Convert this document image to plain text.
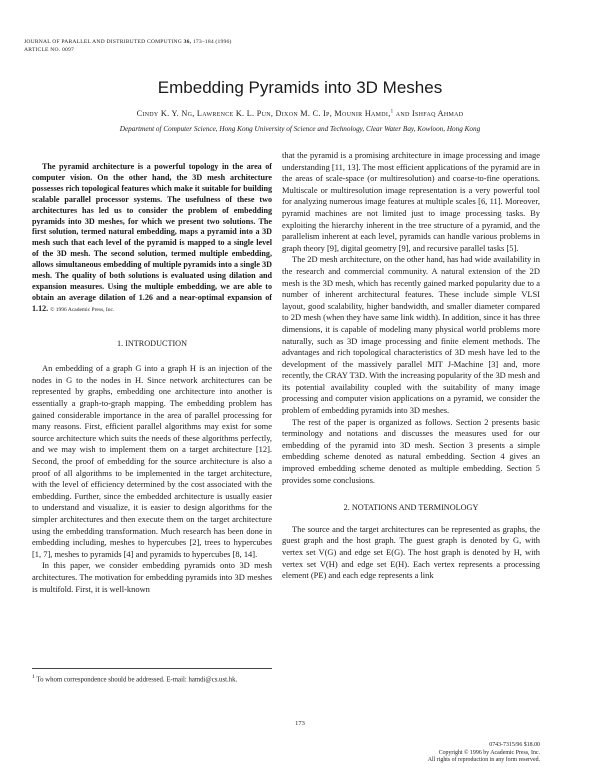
JOURNAL OF PARALLEL AND DISTRIBUTED COMPUTING 36, 173–184 (1996)
ARTICLE NO. 0097
Embedding Pyramids into 3D Meshes
Cindy K. Y. Ng, Lawrence K. L. Pun, Dixon M. C. Ip, Mounir Hamdi,$^1$ and Ishfaq Ahmad
Department of Computer Science, Hong Kong University of Science and Technology, Clear Water Bay, Kowloon, Hong Kong
The pyramid architecture is a powerful topology in the area of computer vision. On the other hand, the 3D mesh architecture possesses rich topological features which make it suitable for building scalable parallel processor systems. The usefulness of these two architectures has led us to consider the problem of embedding pyramids into 3D meshes, for which we present two solutions. The first solution, termed natural embedding, maps a pyramid into a 3D mesh such that each level of the pyramid is mapped to a single level of the 3D mesh. The second solution, termed multiple embedding, allows simultaneous embedding of multiple pyramids into a single 3D mesh. The quality of both solutions is evaluated using dilation and expansion measures. Using the multiple embedding, we are able to obtain an average dilation of 1.26 and a near-optimal expansion of 1.12. © 1996 Academic Press, Inc.
1. INTRODUCTION

An embedding of a graph G into a graph H is an injection of the nodes in G to the nodes in H. Since network architectures can be represented by graphs, embedding one architecture into another is essentially a graph-to-graph mapping. The embedding problem has gained considerable importance in the area of parallel processing for many reasons. First, efficient parallel algorithms may exist for some source architecture which suits the needs of these algorithms perfectly, and we may wish to implement them on a target architecture [12]. Second, the proof of embedding for the source architecture is also a proof of all algorithms to be implemented in the target architecture, with the level of efficiency determined by the cost associated with the embedding. Further, since the embedded architecture is usually easier to understand and visualize, it is easier to design algorithms for the simpler architectures and then execute them on the target architecture using the embedding transformation. Much research has been done in embedding including, meshes to hypercubes [2], trees to hypercubes [1, 7], meshes to pyramids [4] and pyramids to hypercubes [8, 14].

In this paper, we consider embedding pyramids onto 3D mesh architectures. The motivation for embedding pyramids into 3D meshes is multifold. First, it is well-known

that the pyramid is a promising architecture in image processing and image understanding [11, 13]. The most efficient applications of the pyramid are in the areas of scale-space (or multiresolution) and coarse-to-fine operations. Multiscale or multiresolution image representation is a very powerful tool for analyzing numerous image features at multiple scales [6, 11]. Moreover, pyramid machines are not limited just to image processing tasks. By exploiting the hierarchy inherent in the tree structure of a pyramid, and the parallelism inherent at each level, pyramids can handle various problems in graph theory [9], digital geometry [9], and recursive parallel tasks [5].

The 2D mesh architecture, on the other hand, has had wide availability in the research and commercial community. A natural extension of the 2D mesh is the 3D mesh, which has recently gained marked popularity due to a number of inherent architectural features. These include simple VLSI layout, good scalability, higher bandwidth, and smaller diameter compared to 2D mesh (when they have same link width). In addition, since it has three dimensions, it is capable of modeling many physical world problems more naturally, such as 3D image processing and finite element methods. The advantages and rich topological characteristics of 3D mesh have led to the development of the massively parallel MIT J-Machine [3] and, more recently, the CRAY T3D. With the increasing popularity of the 3D mesh and its potential availability coupled with the suitability of many image processing and computer vision applications on a pyramid, we consider the problem of embedding pyramids into 3D meshes.

The rest of the paper is organized as follows. Section 2 presents basic terminology and notations and discusses the measures used for our embedding of the pyramid into 3D mesh. Section 3 presents a simple embedding scheme denoted as natural embedding. Section 4 gives an improved embedding scheme denoted as multiple embedding. Section 5 provides some conclusions.

2. NOTATIONS AND TERMINOLOGY

The source and the target architectures can be represented as graphs, the guest graph and the host graph. The guest graph is denoted by G, with vertex set V(G) and edge set E(G). The host graph is denoted by H, with vertex set V(H) and edge set E(H). Each vertex represents a processing element (PE) and each edge represents a link

$^1$ To whom correspondence should be addressed. E-mail: hamdi@cs.ust.hk.
173
0743-7315/96 $18.00
Copyright © 1996 by Academic Press, Inc.
All rights of reproduction in any form reserved.
